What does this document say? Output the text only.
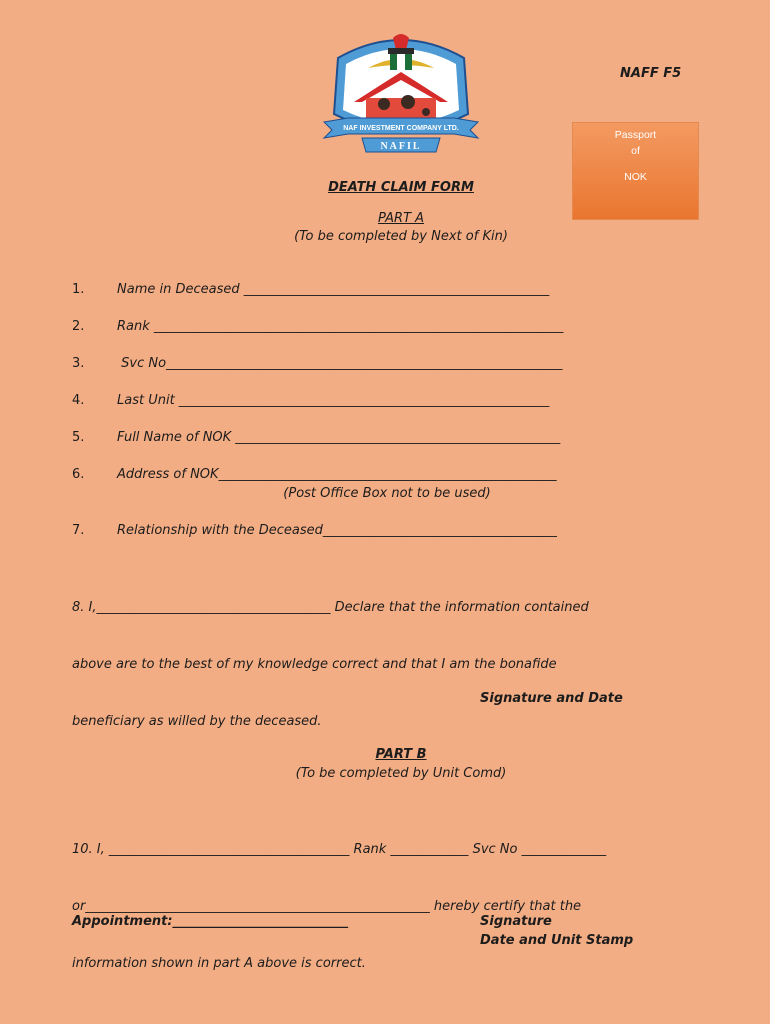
NAF INVESTMENT COMPANY LTD.
NAFIL
NAFF F5
Passport
of
NOK
DEATH CLAIM FORM
PART A
(To be completed by Next of Kin)
1.	Name in Deceased _______________________________________________
2.	Rank _______________________________________________________________
3.	Svc No_____________________________________________________________
4.	Last Unit _________________________________________________________
5.	Full Name of NOK __________________________________________________
6.	Address of NOK____________________________________________________
(Post Office Box not to be used)
7.	Relationship with the Deceased____________________________________

8. I,____________________________________ Declare that the information contained

above are to the best of my knowledge correct and that I am the bonafide

beneficiary as willed by the deceased.

Signature and Date
PART B
(To be completed by Unit Comd)

10. I, _____________________________________ Rank ____________ Svc No _____________

or_____________________________________________________ hereby certify that the

information shown in part A above is correct.

Appointment:___________________________	Signature
Date and Unit Stamp
